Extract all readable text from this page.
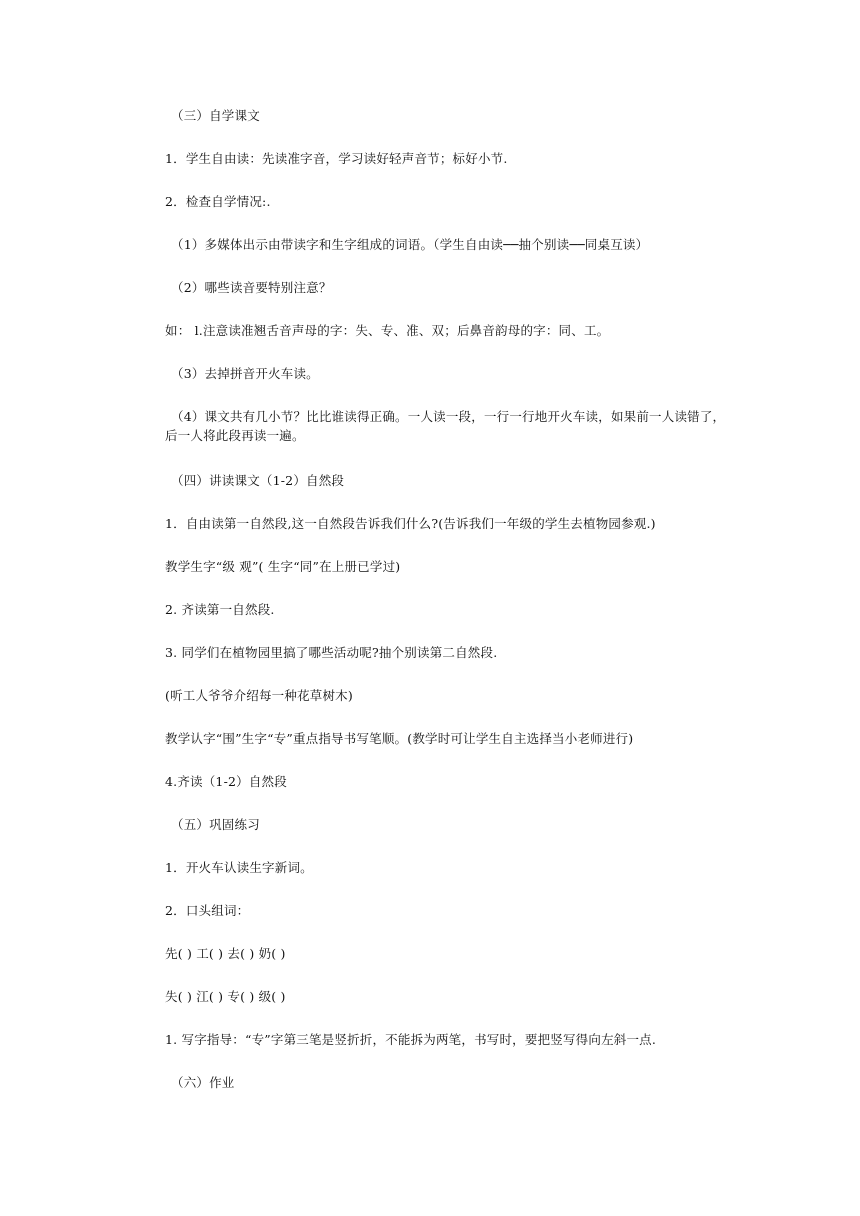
（三）自学课文
1．学生自由读：先读准字音，学习读好轻声音节；标好小节.
2．检查自学情况:.
（1）多媒体出示由带读字和生字组成的词语。（学生自由读──抽个别读──同桌互读）
（2）哪些读音要特别注意？
如： l.注意读准翘舌音声母的字：失、专、准、双；后鼻音韵母的字：同、工。
（3）去掉拼音开火车读。
（4）课文共有几小节？比比谁读得正确。一人读一段，一行一行地开火车读，如果前一人读错了，后一人将此段再读一遍。
（四）讲读课文（1-2）自然段
1．自由读第一自然段,这一自然段告诉我们什么?(告诉我们一年级的学生去植物园参观.)
教学生字“级 观”( 生字“同”在上册已学过)
2. 齐读第一自然段.
3. 同学们在植物园里搞了哪些活动呢?抽个别读第二自然段.
(听工人爷爷介绍每一种花草树木)
教学认字“围”生字“专”重点指导书写笔顺。(教学时可让学生自主选择当小老师进行)
4.齐读（1-2）自然段
（五）巩固练习
1．开火车认读生字新词。
2．口头组词：
先( ) 工( ) 去( ) 奶( )
失( ) 江( ) 专( ) 级( )
1. 写字指导：“专”字第三笔是竖折折，不能拆为两笔，书写时，要把竖写得向左斜一点.
（六）作业
